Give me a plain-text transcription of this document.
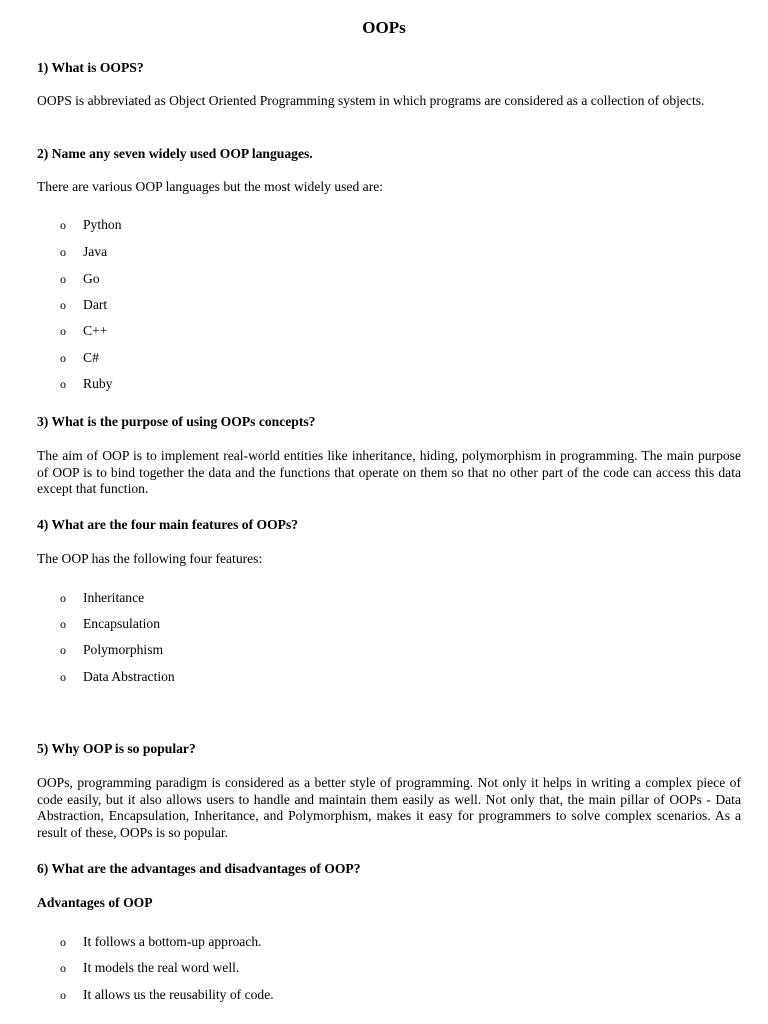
OOPs
1) What is OOPS?
OOPS is abbreviated as Object Oriented Programming system in which programs are considered as a collection of objects.
2) Name any seven widely used OOP languages.
There are various OOP languages but the most widely used are:
o Python
o Java
o Go
o Dart
o C++
o C#
o Ruby
3) What is the purpose of using OOPs concepts?
The aim of OOP is to implement real-world entities like inheritance, hiding, polymorphism in programming. The main purpose of OOP is to bind together the data and the functions that operate on them so that no other part of the code can access this data except that function.
4) What are the four main features of OOPs?
The OOP has the following four features:
o Inheritance
o Encapsulation
o Polymorphism
o Data Abstraction
5) Why OOP is so popular?
OOPs, programming paradigm is considered as a better style of programming. Not only it helps in writing a complex piece of code easily, but it also allows users to handle and maintain them easily as well. Not only that, the main pillar of OOPs - Data Abstraction, Encapsulation, Inheritance, and Polymorphism, makes it easy for programmers to solve complex scenarios. As a result of these, OOPs is so popular.
6) What are the advantages and disadvantages of OOP?
Advantages of OOP
o It follows a bottom-up approach.
o It models the real word well.
o It allows us the reusability of code.
